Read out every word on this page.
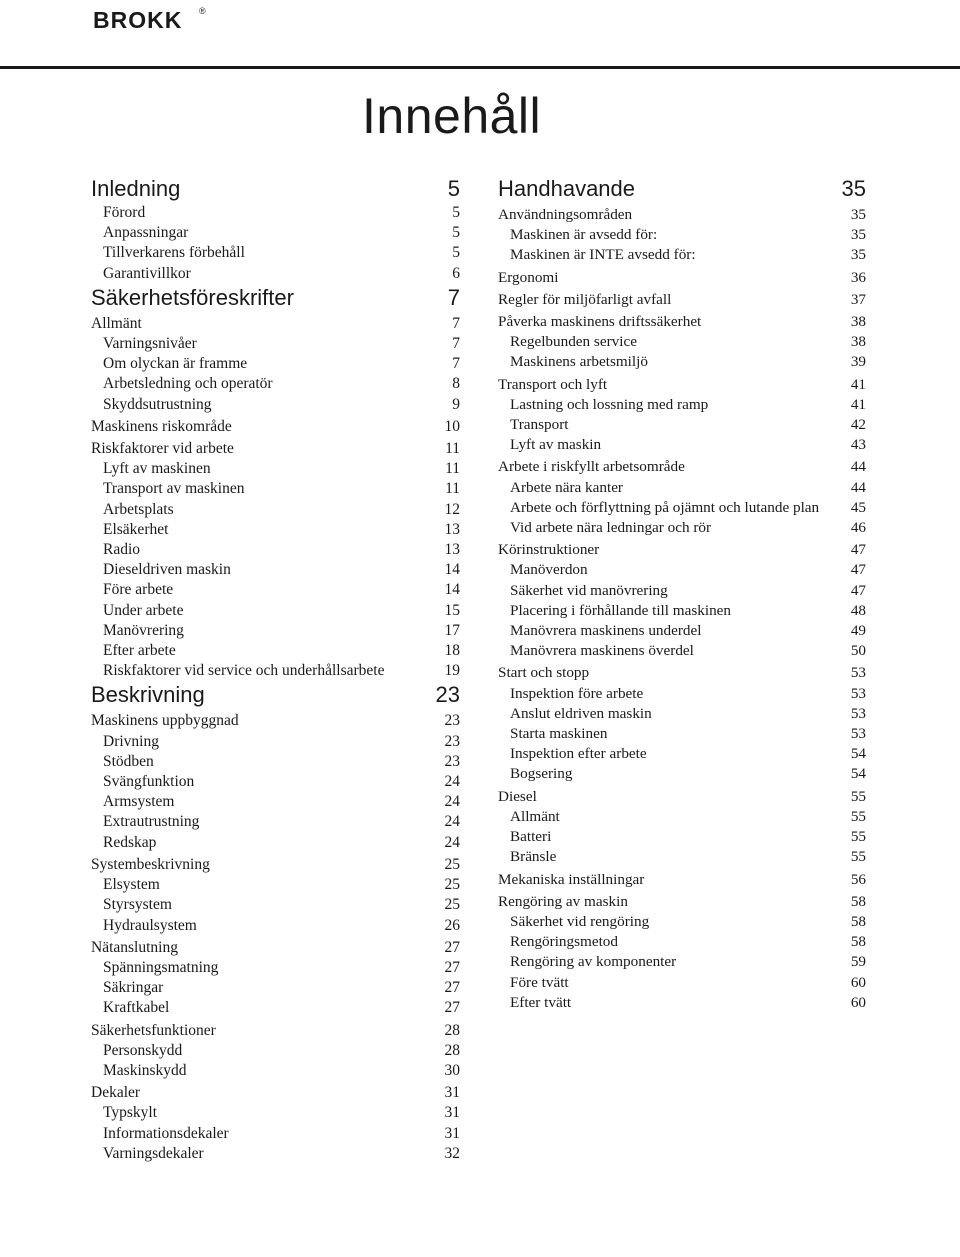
BROKK ®
Innehåll
Inledning	5
Förord	5
Anpassningar	5
Tillverkarens förbehåll	5
Garantivillkor	6
Säkerhetsföreskrifter	7
Allmänt	7
Varningsnivåer	7
Om olyckan är framme	7
Arbetsledning och operatör	8
Skyddsutrustning	9
Maskinens riskområde	10
Riskfaktorer vid arbete	11
Lyft av maskinen	11
Transport av maskinen	11
Arbetsplats	12
Elsäkerhet	13
Radio	13
Dieseldriven maskin	14
Före arbete	14
Under arbete	15
Manövrering	17
Efter arbete	18
Riskfaktorer vid service och underhållsarbete	19
Beskrivning	23
Maskinens uppbyggnad	23
Drivning	23
Stödben	23
Svängfunktion	24
Armsystem	24
Extrautrustning	24
Redskap	24
Systembeskrivning	25
Elsystem	25
Styrsystem	25
Hydraulsystem	26
Nätanslutning	27
Spänningsmatning	27
Säkringar	27
Kraftkabel	27
Säkerhetsfunktioner	28
Personskydd	28
Maskinskydd	30
Dekaler	31
Typskylt	31
Informationsdekaler	31
Varningsdekaler	32
Handhavande	35
Användningsområden	35
Maskinen är avsedd för:	35
Maskinen är INTE avsedd för:	35
Ergonomi	36
Regler för miljöfarligt avfall	37
Påverka maskinens driftssäkerhet	38
Regelbunden service	38
Maskinens arbetsmiljö	39
Transport och lyft	41
Lastning och lossning med ramp	41
Transport	42
Lyft av maskin	43
Arbete i riskfyllt arbetsområde	44
Arbete nära kanter	44
Arbete och förflyttning på ojämnt och lutande plan	45
Vid arbete nära ledningar och rör	46
Körinstruktioner	47
Manöverdon	47
Säkerhet vid manövrering	47
Placering i förhållande till maskinen	48
Manövrera maskinens underdel	49
Manövrera maskinens överdel	50
Start och stopp	53
Inspektion före arbete	53
Anslut eldriven maskin	53
Starta maskinen	53
Inspektion efter arbete	54
Bogsering	54
Diesel	55
Allmänt	55
Batteri	55
Bränsle	55
Mekaniska inställningar	56
Rengöring av maskin	58
Säkerhet vid rengöring	58
Rengöringsmetod	58
Rengöring av komponenter	59
Före tvätt	60
Efter tvätt	60
